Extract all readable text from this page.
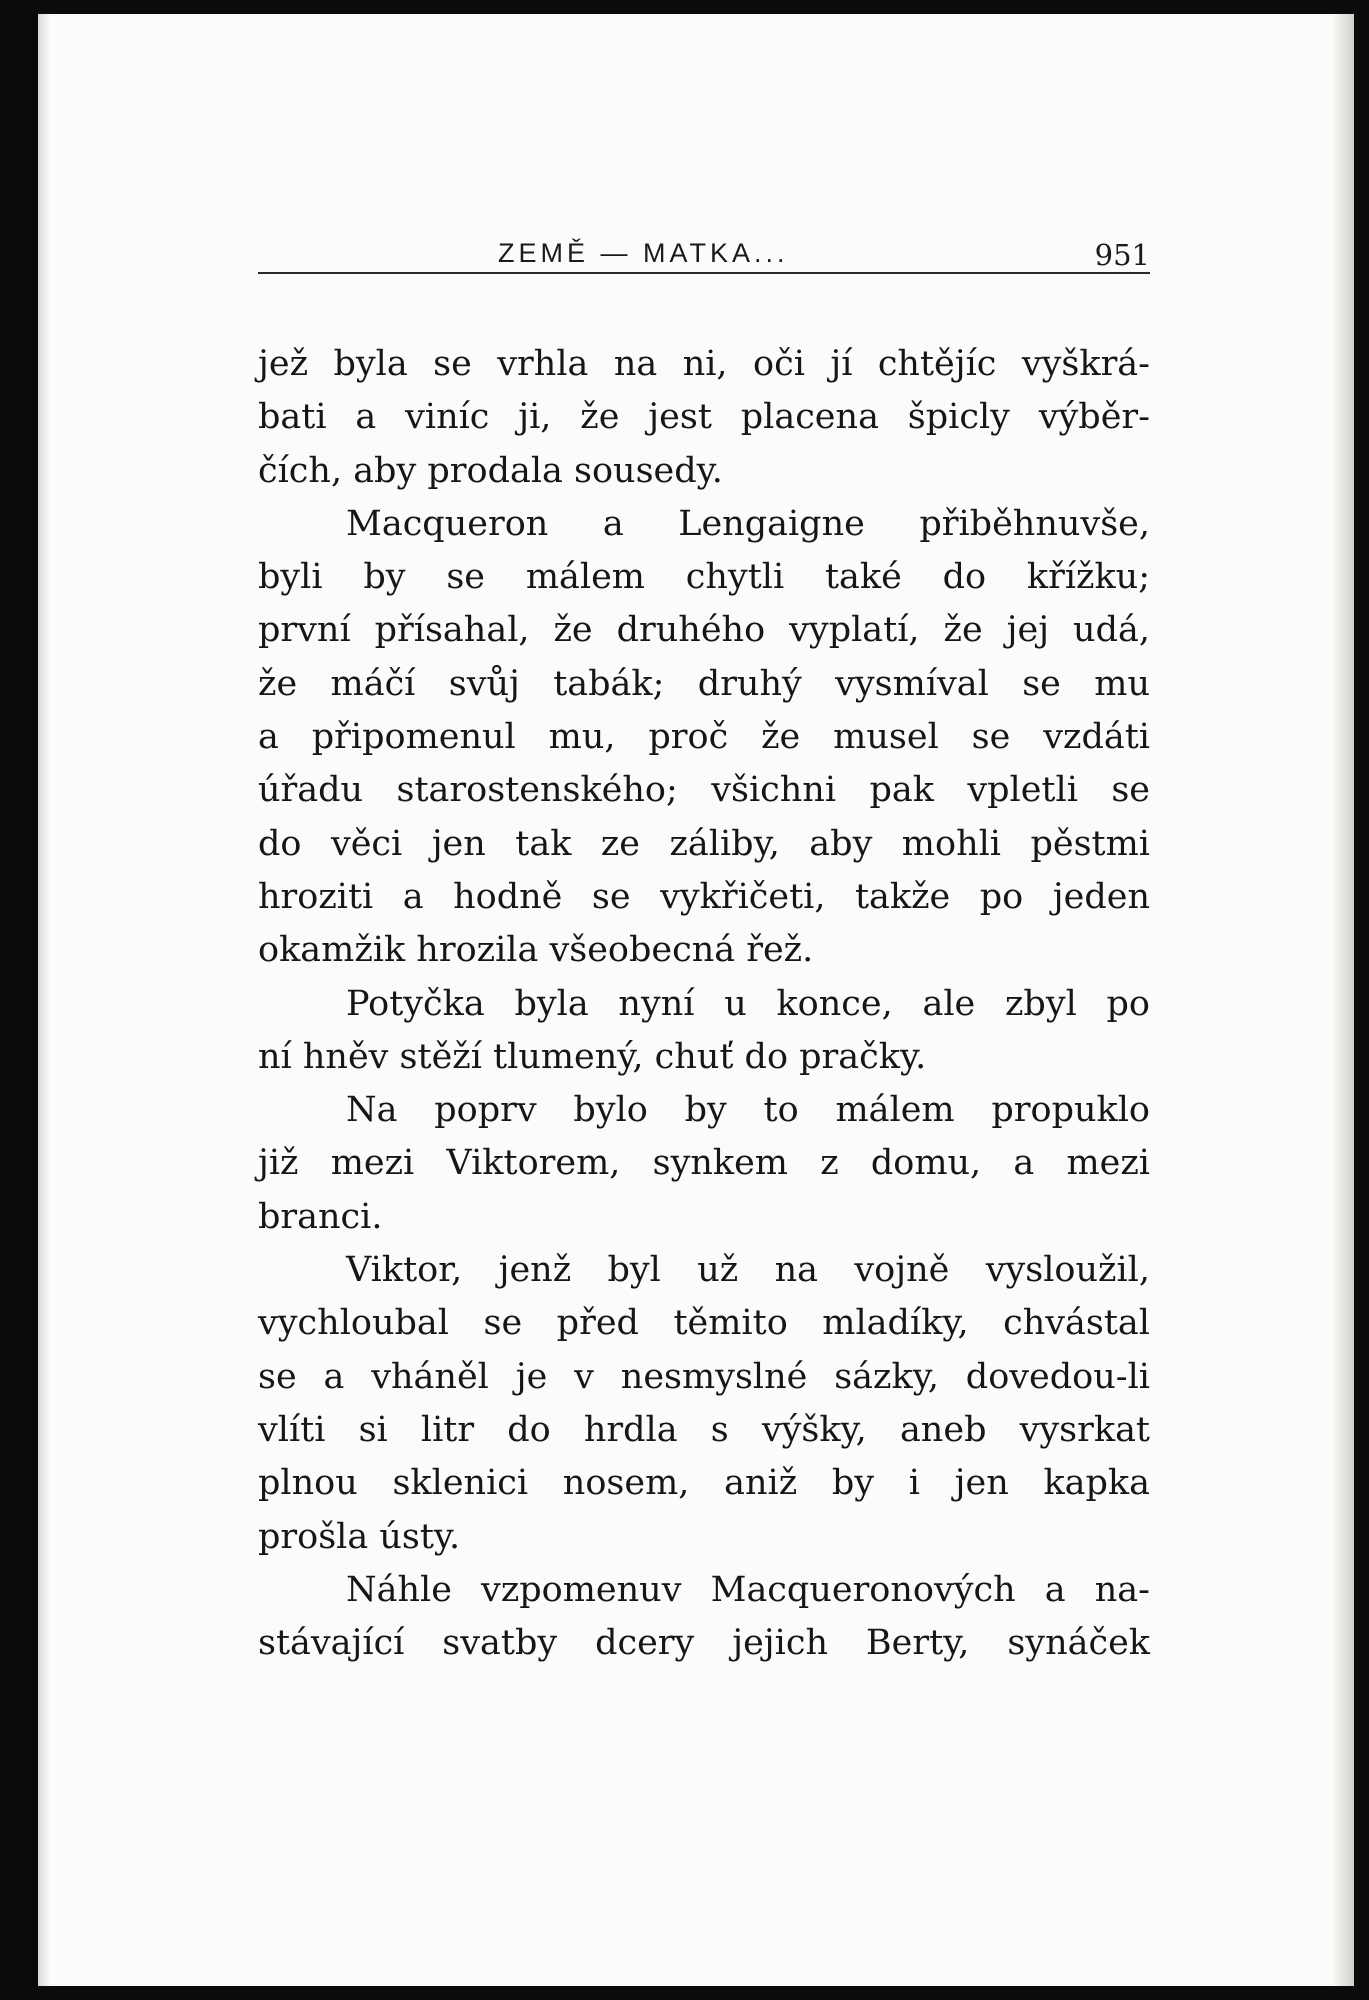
ZEMĚ — MATKA...	951
jež byla se vrhla na ni, oči jí chtějíc vyškrá-
bati a viníc ji, že jest placena špicly výběr-
čích, aby prodala sousedy.
Macqueron a Lengaigne přiběhnuvše,
byli by se málem chytli také do křížku;
první přísahal, že druhého vyplatí, že jej udá,
že máčí svůj tabák; druhý vysmíval se mu
a připomenul mu, proč že musel se vzdáti
úřadu starostenského; všichni pak vpletli se
do věci jen tak ze záliby, aby mohli pěstmi
hroziti a hodně se vykřičeti, takže po jeden
okamžik hrozila všeobecná řež.
Potyčka byla nyní u konce, ale zbyl po
ní hněv stěží tlumený, chuť do pračky.
Na poprv bylo by to málem propuklo
již mezi Viktorem, synkem z domu, a mezi
branci.
Viktor, jenž byl už na vojně vysloužil,
vychloubal se před těmito mladíky, chvástal
se a vháněl je v nesmyslné sázky, dovedou-li
vlíti si litr do hrdla s výšky, aneb vysrkat
plnou sklenici nosem, aniž by i jen kapka
prošla ústy.
Náhle vzpomenuv Macqueronových a na-
stávající svatby dcery jejich Berty, synáček
